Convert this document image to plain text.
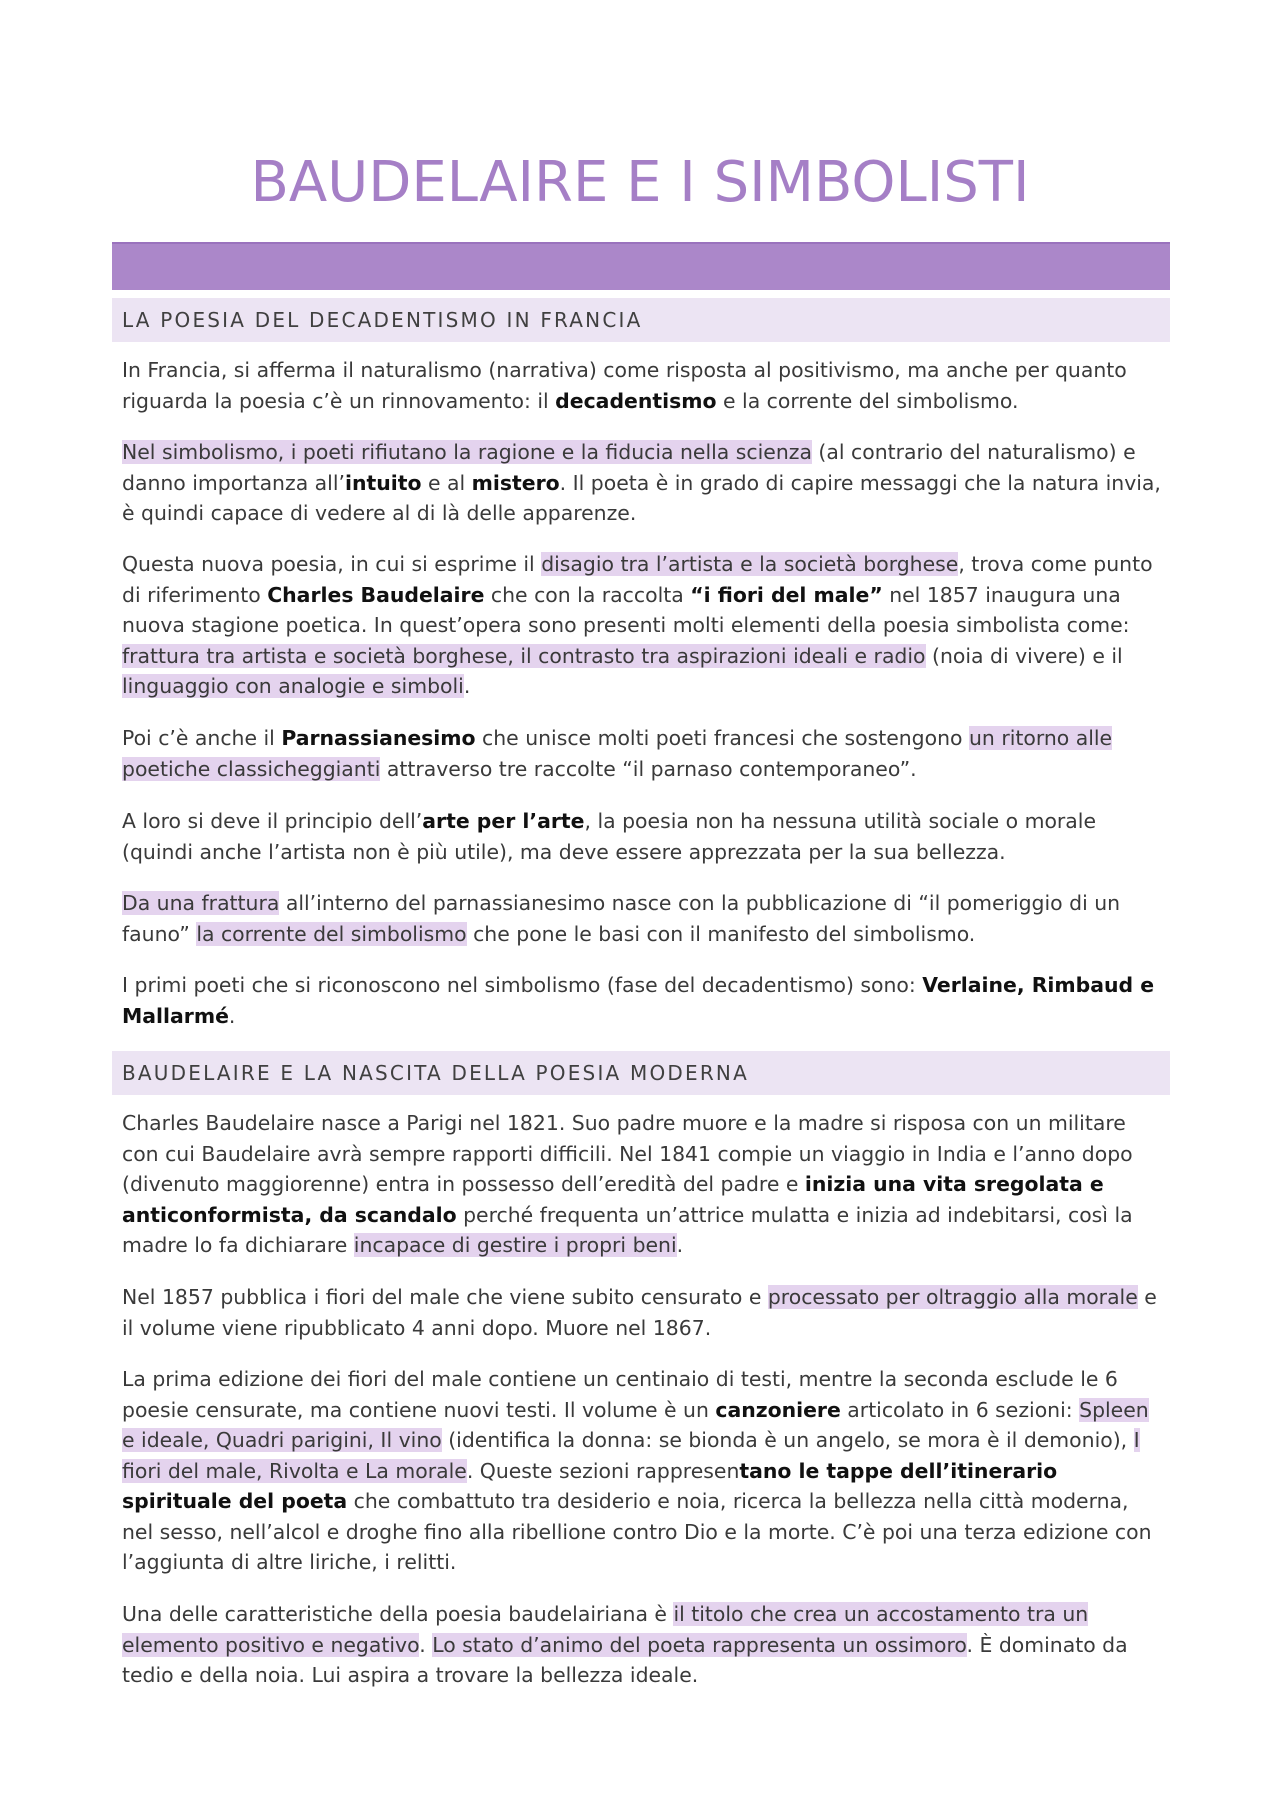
BAUDELAIRE E I SIMBOLISTI
LA POESIA DEL DECADENTISMO IN FRANCIA

In Francia, si afferma il naturalismo (narrativa) come risposta al positivismo, ma anche per quanto riguarda la poesia c’è un rinnovamento: il decadentismo e la corrente del simbolismo.

Nel simbolismo, i poeti rifiutano la ragione e la fiducia nella scienza (al contrario del naturalismo) e danno importanza all’intuito e al mistero. Il poeta è in grado di capire messaggi che la natura invia, è quindi capace di vedere al di là delle apparenze.

Questa nuova poesia, in cui si esprime il disagio tra l’artista e la società borghese, trova come punto di riferimento Charles Baudelaire che con la raccolta “i fiori del male” nel 1857 inaugura una nuova stagione poetica. In quest’opera sono presenti molti elementi della poesia simbolista come: frattura tra artista e società borghese, il contrasto tra aspirazioni ideali e radio (noia di vivere) e il linguaggio con analogie e simboli.

Poi c’è anche il Parnassianesimo che unisce molti poeti francesi che sostengono un ritorno alle poetiche classicheggianti attraverso tre raccolte “il parnaso contemporaneo”.

A loro si deve il principio dell’arte per l’arte, la poesia non ha nessuna utilità sociale o morale (quindi anche l’artista non è più utile), ma deve essere apprezzata per la sua bellezza.

Da una frattura all’interno del parnassianesimo nasce con la pubblicazione di “il pomeriggio di un fauno” la corrente del simbolismo che pone le basi con il manifesto del simbolismo.

I primi poeti che si riconoscono nel simbolismo (fase del decadentismo) sono: Verlaine, Rimbaud e Mallarmé.

BAUDELAIRE E LA NASCITA DELLA POESIA MODERNA

Charles Baudelaire nasce a Parigi nel 1821. Suo padre muore e la madre si risposa con un militare con cui Baudelaire avrà sempre rapporti difficili. Nel 1841 compie un viaggio in India e l’anno dopo (divenuto maggiorenne) entra in possesso dell’eredità del padre e inizia una vita sregolata e anticonformista, da scandalo perché frequenta un’attrice mulatta e inizia ad indebitarsi, così la madre lo fa dichiarare incapace di gestire i propri beni.

Nel 1857 pubblica i fiori del male che viene subito censurato e processato per oltraggio alla morale e il volume viene ripubblicato 4 anni dopo. Muore nel 1867.

La prima edizione dei fiori del male contiene un centinaio di testi, mentre la seconda esclude le 6 poesie censurate, ma contiene nuovi testi. Il volume è un canzoniere articolato in 6 sezioni: Spleen e ideale, Quadri parigini, Il vino (identifica la donna: se bionda è un angelo, se mora è il demonio), I fiori del male, Rivolta e La morale. Queste sezioni rappresentano le tappe dell’itinerario spirituale del poeta che combattuto tra desiderio e noia, ricerca la bellezza nella città moderna, nel sesso, nell’alcol e droghe fino alla ribellione contro Dio e la morte. C’è poi una terza edizione con l’aggiunta di altre liriche, i relitti.

Una delle caratteristiche della poesia baudelairiana è il titolo che crea un accostamento tra un elemento positivo e negativo. Lo stato d’animo del poeta rappresenta un ossimoro. È dominato da tedio e della noia. Lui aspira a trovare la bellezza ideale.
